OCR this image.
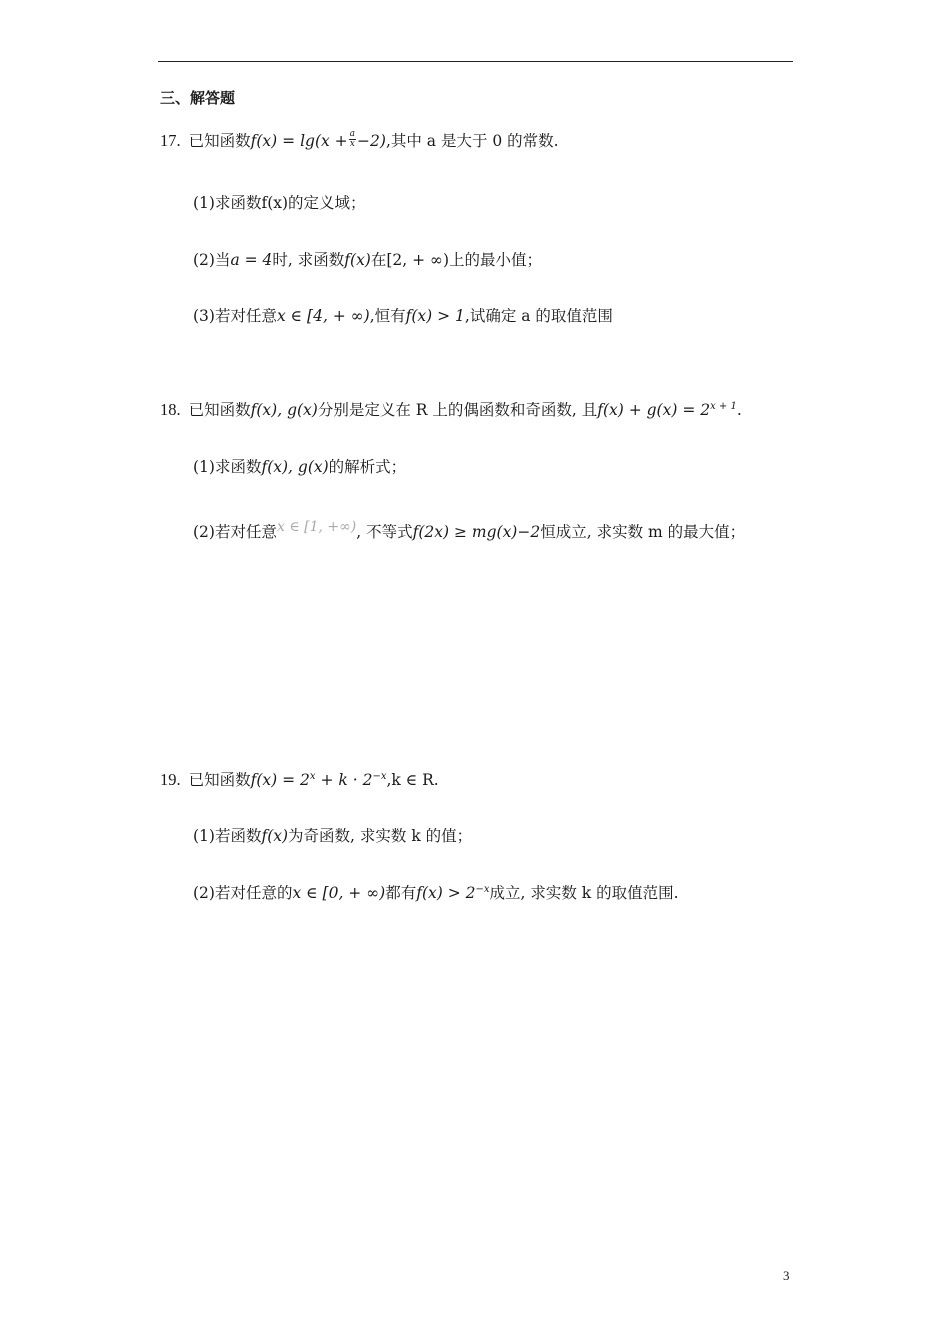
三、解答题
17. 已知函数$f(x) = \lg(x + \frac{a}{x} -2)$,其中 a 是大于 0 的常数.
(1)求函数f(x)的定义域；
(2)当a = 4时, 求函数f(x)在[2, + ∞)上的最小值；
(3)若对任意x ∈ [4, + ∞),恒有f(x) > 1,试确定 a 的取值范围
18. 已知函数f(x), g(x)分别是定义在 R 上的偶函数和奇函数, 且$f(x) + g(x) = 2^{x + 1}$.
(1)求函数f(x), g(x)的解析式；
(2)若对任意x ∈ [1, +∞), 不等式f(2x) ≥ mg(x)−2恒成立, 求实数 m 的最大值；
19. 已知函数$f(x) = 2^x + k \cdot 2^{-x},k$ ∈ R.
(1)若函数f(x)为奇函数, 求实数 k 的值；
(2)若对任意的x ∈ [0, + ∞)都有$f(x) > 2^{-x}$成立, 求实数 k 的取值范围.
3
